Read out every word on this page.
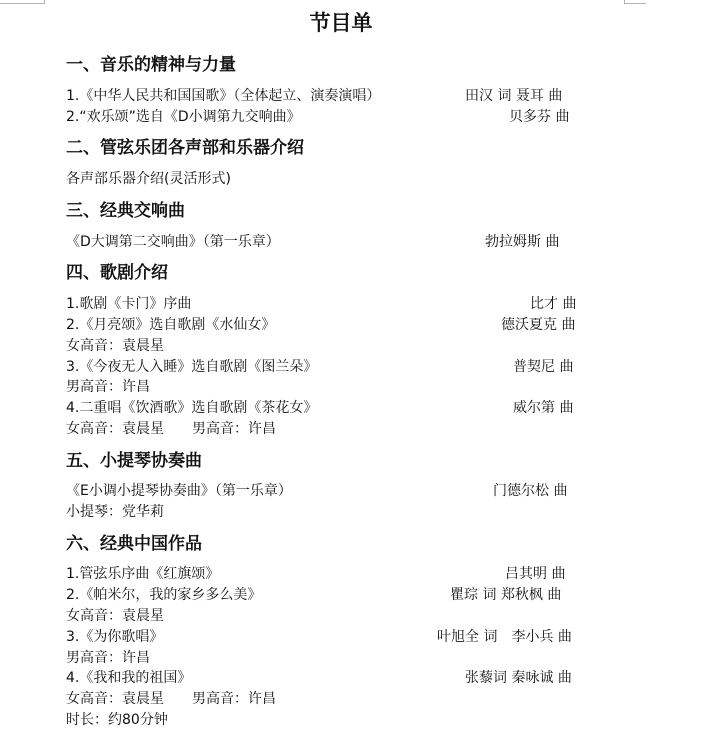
节目单
一、音乐的精神与力量
1.《中华人民共和国国歌》（全体起立、演奏演唱）	田汉 词 聂耳 曲
2.“欢乐颂”选自《D小调第九交响曲》	贝多芬 曲
二、管弦乐团各声部和乐器介绍
各声部乐器介绍(灵活形式)
三、经典交响曲
《D大调第二交响曲》（第一乐章）	勃拉姆斯 曲
四、歌剧介绍
1.歌剧《卡门》序曲	比才 曲
2.《月亮颂》选自歌剧《水仙女》	德沃夏克 曲
女高音：袁晨星
3.《今夜无人入睡》选自歌剧《图兰朵》	普契尼 曲
男高音：许昌
4.二重唱《饮酒歌》选自歌剧《茶花女》	威尔第 曲
女高音：袁晨星　　男高音：许昌
五、小提琴协奏曲
《E小调小提琴协奏曲》（第一乐章）	门德尔松 曲
小提琴：党华莉
六、经典中国作品
1.管弦乐序曲《红旗颂》	吕其明 曲
2.《帕米尔，我的家乡多么美》	瞿琮 词 郑秋枫 曲
女高音：袁晨星
3.《为你歌唱》	叶旭全 词　李小兵 曲
男高音：许昌
4.《我和我的祖国》	张藜词 秦咏诚 曲
女高音：袁晨星　　男高音：许昌
时长：约80分钟
